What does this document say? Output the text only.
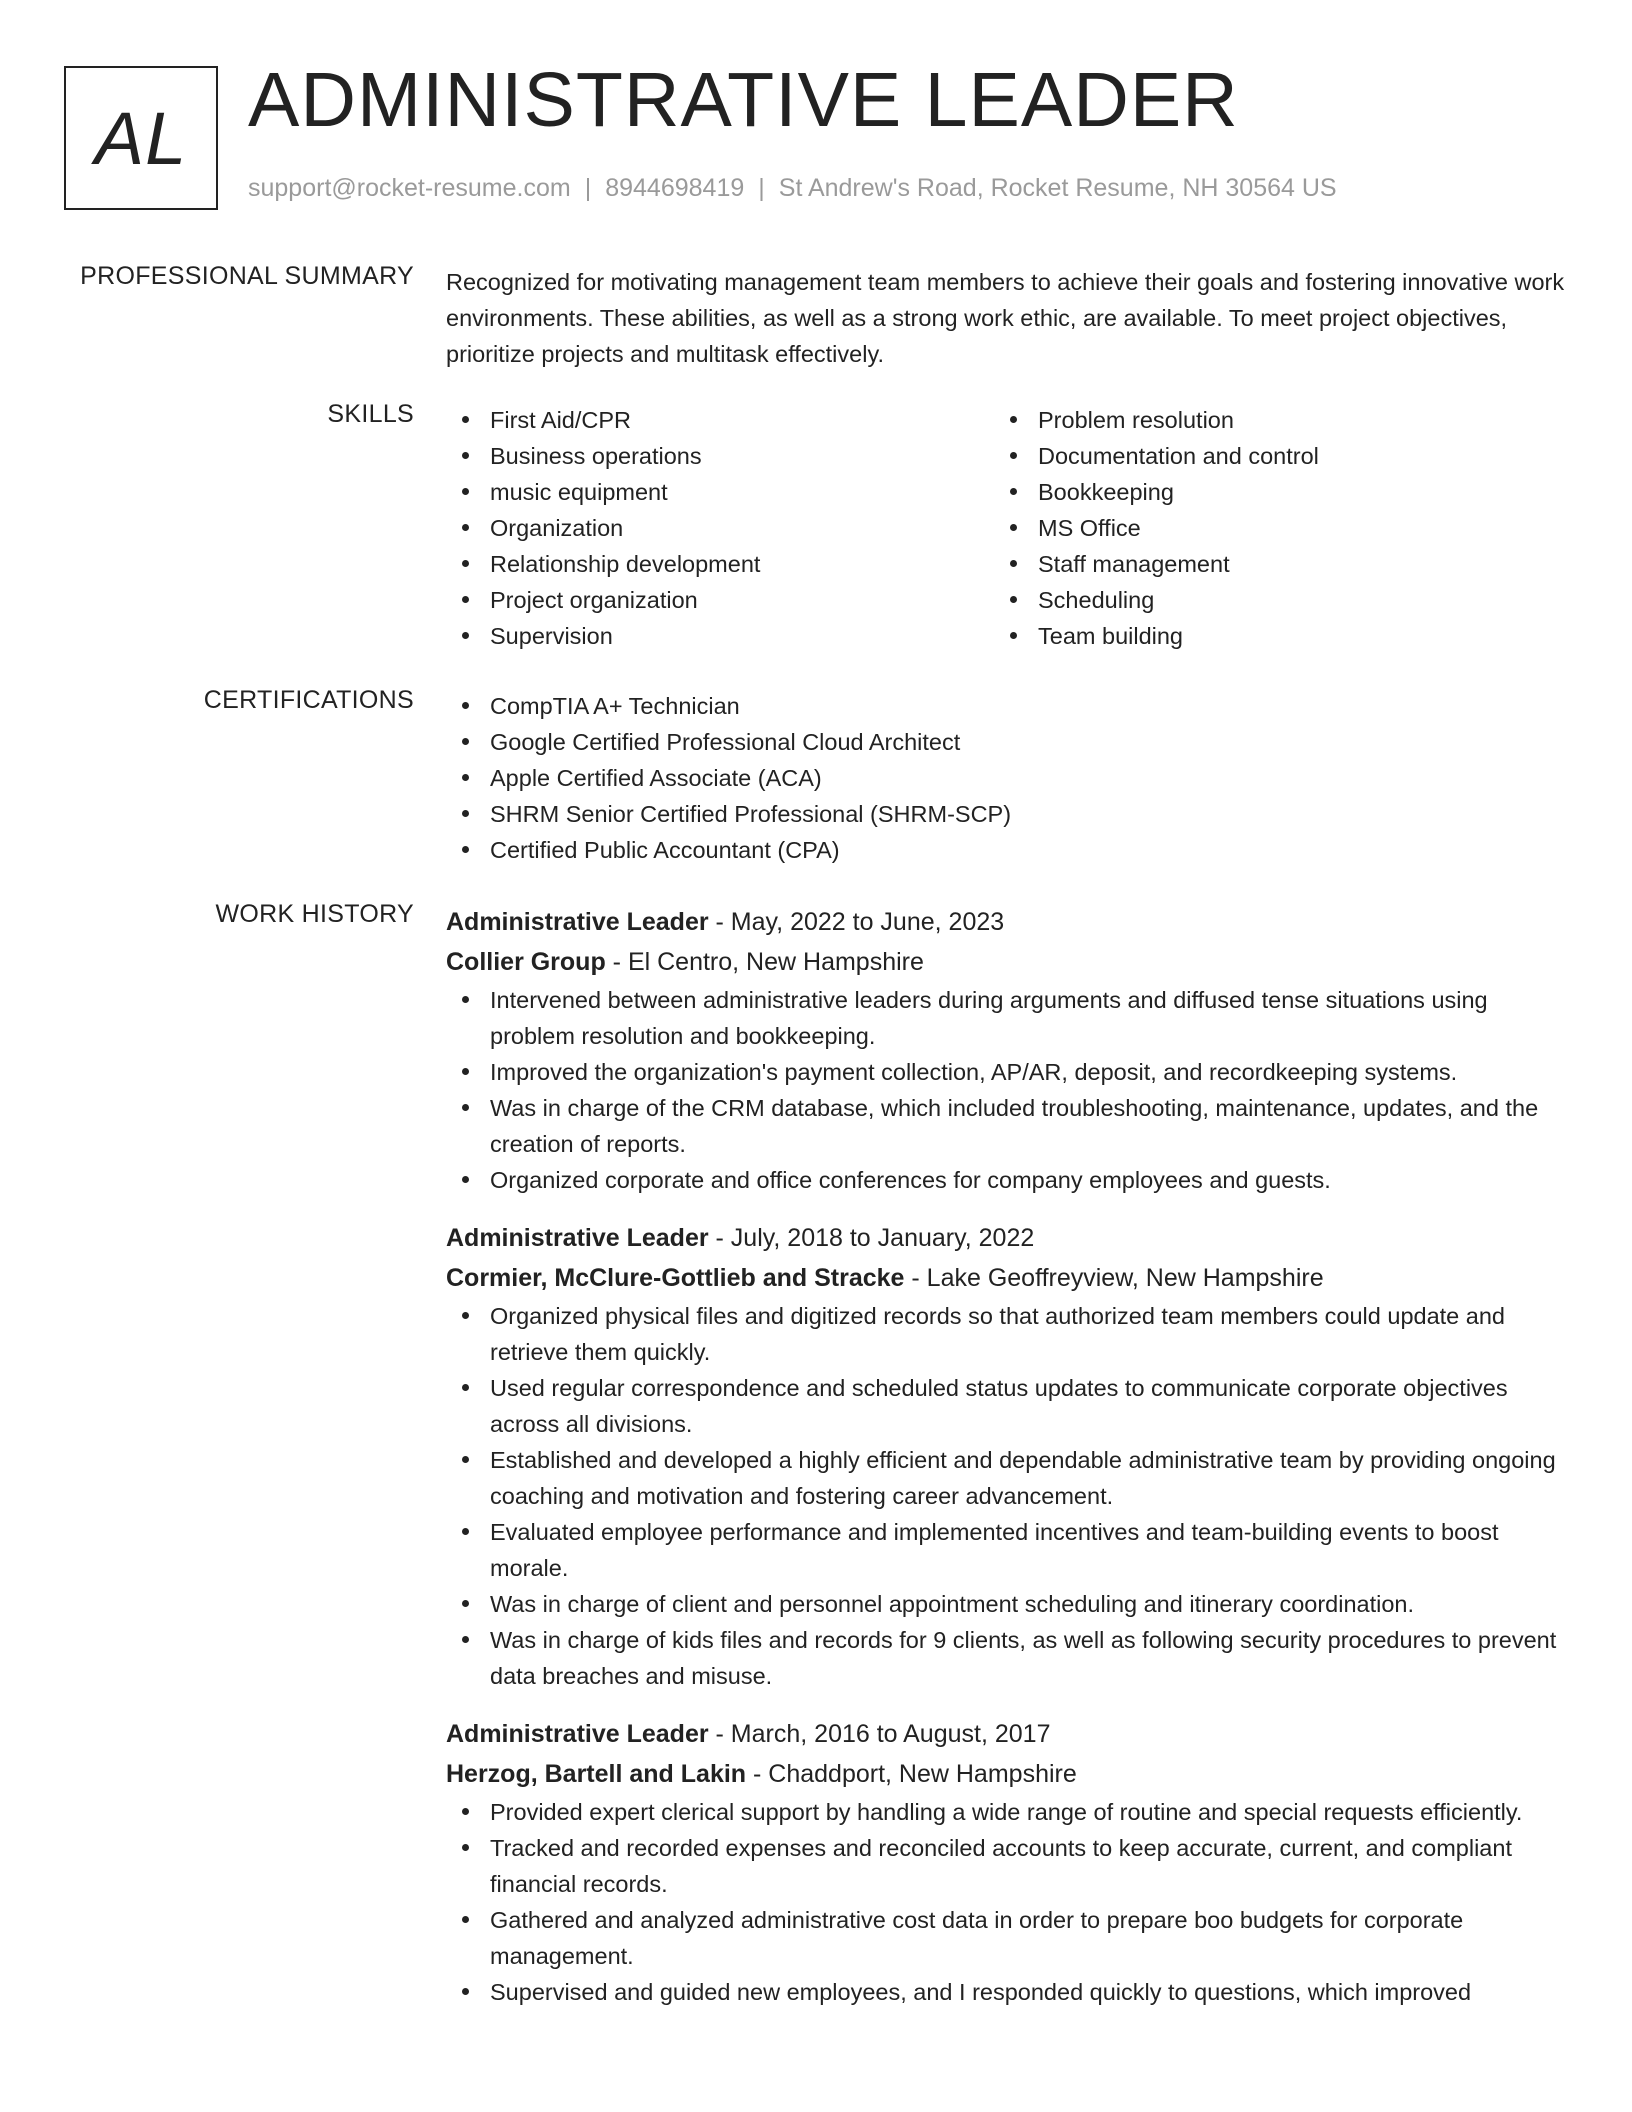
AL ADMINISTRATIVE LEADER
support@rocket-resume.com | 8944698419 | St Andrew's Road, Rocket Resume, NH 30564 US
PROFESSIONAL SUMMARY Recognized for motivating management team members to achieve their goals and fostering innovative work environments. These abilities, as well as a strong work ethic, are available. To meet project objectives, prioritize projects and multitask effectively.

SKILLS	First Aid/CPR
Business operations
music equipment
Organization
Relationship development
Project organization
Supervision
Problem resolution
Documentation and control
Bookkeeping
MS Office
Staff management
Scheduling
Team building
CERTIFICATIONS	CompTIA A+ Technician
Google Certified Professional Cloud Architect
Apple Certified Associate (ACA)
SHRM Senior Certified Professional (SHRM-SCP)
Certified Public Accountant (CPA)
WORK HISTORY Administrative Leader - May, 2022 to June, 2023
Collier Group - El Centro, New Hampshire
Intervened between administrative leaders during arguments and diffused tense situations using problem resolution and bookkeeping.
Improved the organization's payment collection, AP/AR, deposit, and recordkeeping systems.
Was in charge of the CRM database, which included troubleshooting, maintenance, updates, and the creation of reports.
Organized corporate and office conferences for company employees and guests.
Administrative Leader - July, 2018 to January, 2022
Cormier, McClure-Gottlieb and Stracke - Lake Geoffreyview, New Hampshire
Organized physical files and digitized records so that authorized team members could update and retrieve them quickly.
Used regular correspondence and scheduled status updates to communicate corporate objectives across all divisions.
Established and developed a highly efficient and dependable administrative team by providing ongoing coaching and motivation and fostering career advancement.
Evaluated employee performance and implemented incentives and team-building events to boost morale.
Was in charge of client and personnel appointment scheduling and itinerary coordination.
Was in charge of kids files and records for 9 clients, as well as following security procedures to prevent data breaches and misuse.
Administrative Leader - March, 2016 to August, 2017
Herzog, Bartell and Lakin - Chaddport, New Hampshire
Provided expert clerical support by handling a wide range of routine and special requests efficiently.
Tracked and recorded expenses and reconciled accounts to keep accurate, current, and compliant financial records.
Gathered and analyzed administrative cost data in order to prepare boo budgets for corporate management.
Supervised and guided new employees, and I responded quickly to questions, which improved
